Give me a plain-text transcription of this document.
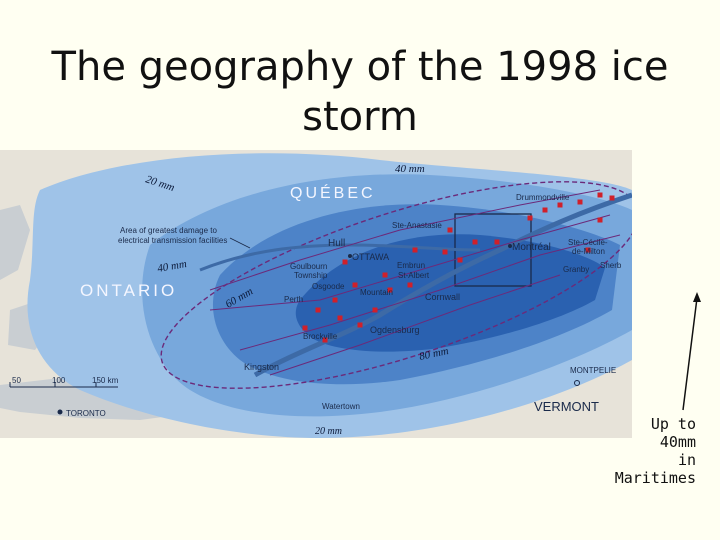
The geography of the 1998 ice storm
QUÉBEC
ONTARIO
VERMONT
20 mm
40 mm
40 mm
60 mm
80 mm
20 mm
Area of greatest damage to
electrical transmission facilities
50	100	150 km
Drummondville
Ste-Anastasie
Hull
OTTAWA
Goulbourn
Township
Embrun
St-Albert
Osgoode
Mountain
Perth	Cornwall
Ogdensburg
Brockville
Kingston
Watertown
TORONTO
Montréal Ste-Cécile-
de-Milton
Granby Sherb
MONTPELIE
Up to
40mm
in
Maritimes
